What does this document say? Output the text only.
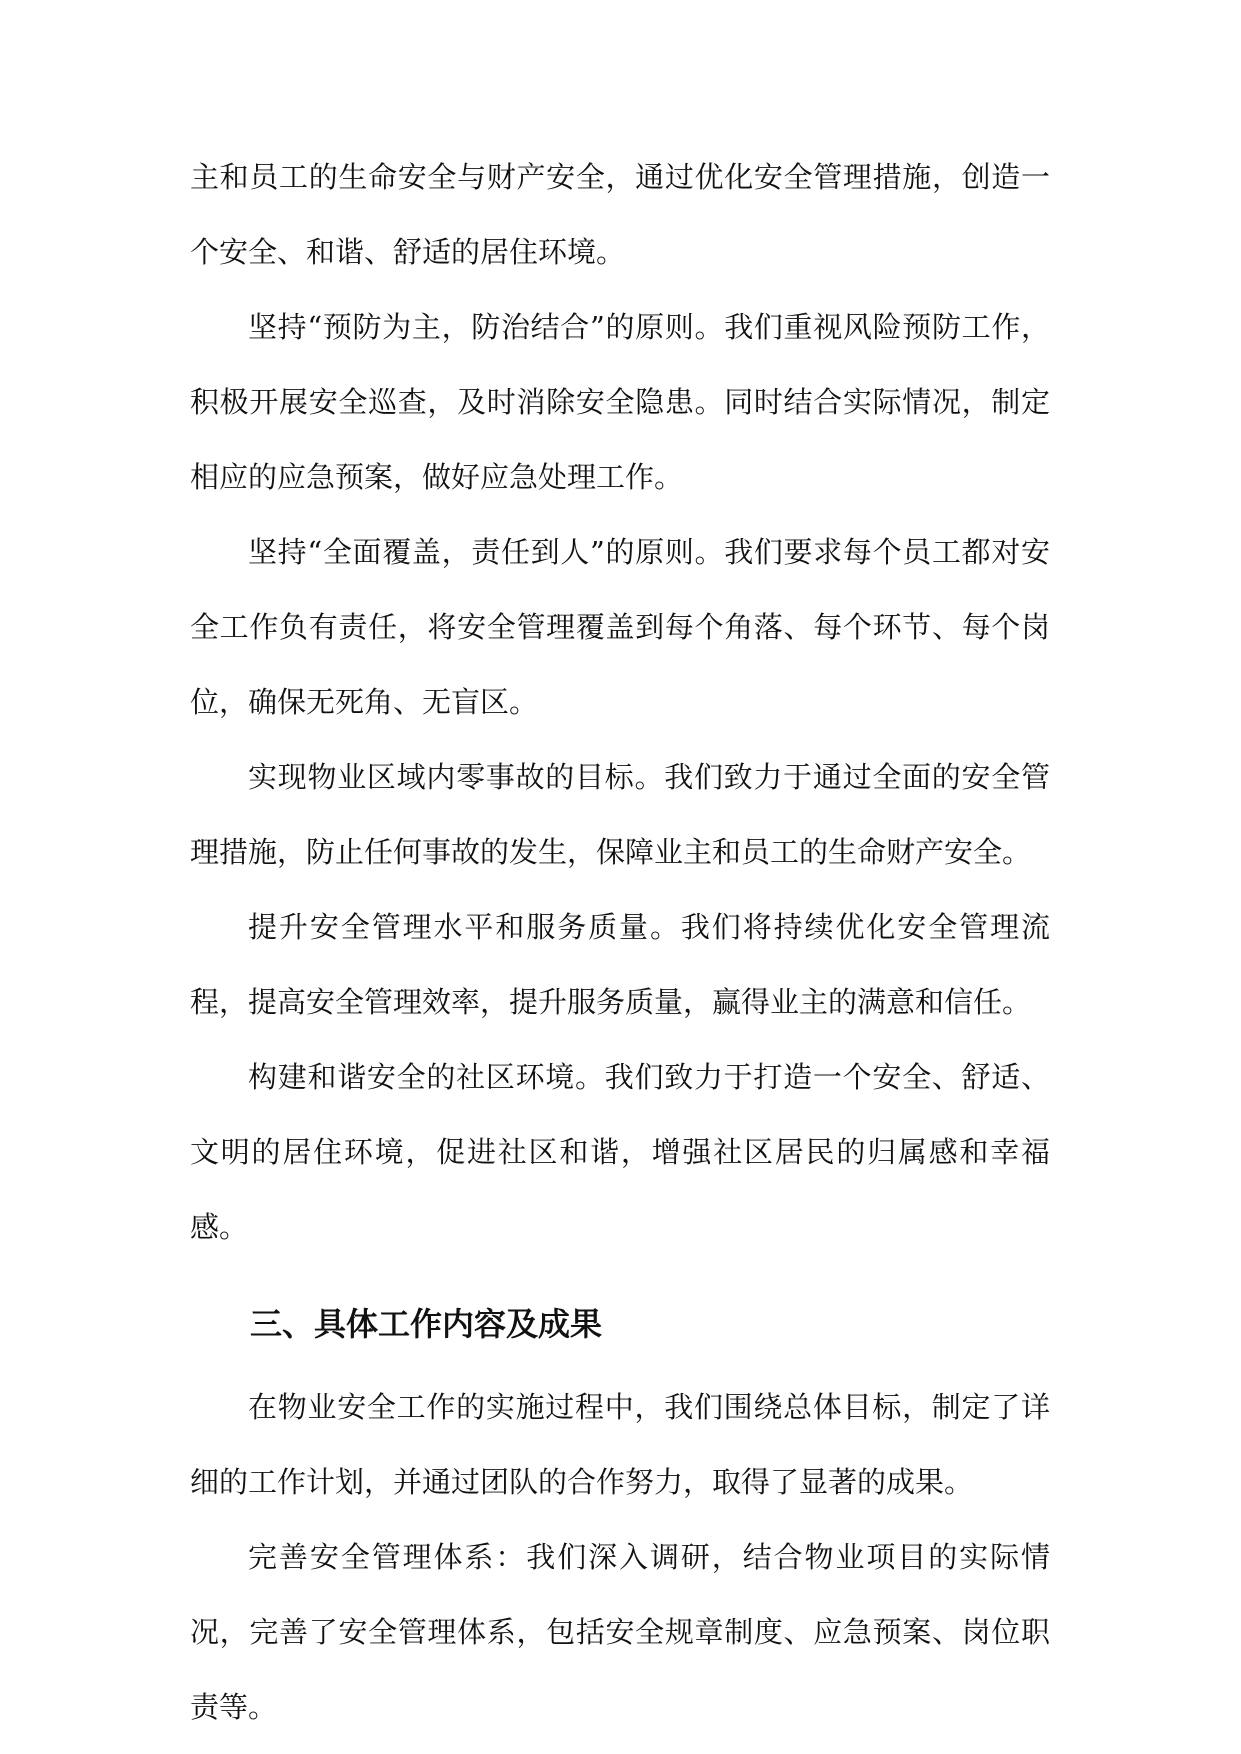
主和员工的生命安全与财产安全，通过优化安全管理措施，创造一个安全、和谐、舒适的居住环境。

坚持“预防为主，防治结合”的原则。我们重视风险预防工作，积极开展安全巡查，及时消除安全隐患。同时结合实际情况，制定相应的应急预案，做好应急处理工作。

坚持“全面覆盖，责任到人”的原则。我们要求每个员工都对安全工作负有责任，将安全管理覆盖到每个角落、每个环节、每个岗位，确保无死角、无盲区。

实现物业区域内零事故的目标。我们致力于通过全面的安全管理措施，防止任何事故的发生，保障业主和员工的生命财产安全。

提升安全管理水平和服务质量。我们将持续优化安全管理流程，提高安全管理效率，提升服务质量，赢得业主的满意和信任。

构建和谐安全的社区环境。我们致力于打造一个安全、舒适、文明的居住环境，促进社区和谐，增强社区居民的归属感和幸福感。

三、具体工作内容及成果

在物业安全工作的实施过程中，我们围绕总体目标，制定了详细的工作计划，并通过团队的合作努力，取得了显著的成果。

完善安全管理体系：我们深入调研，结合物业项目的实际情况，完善了安全管理体系，包括安全规章制度、应急预案、岗位职责等。
